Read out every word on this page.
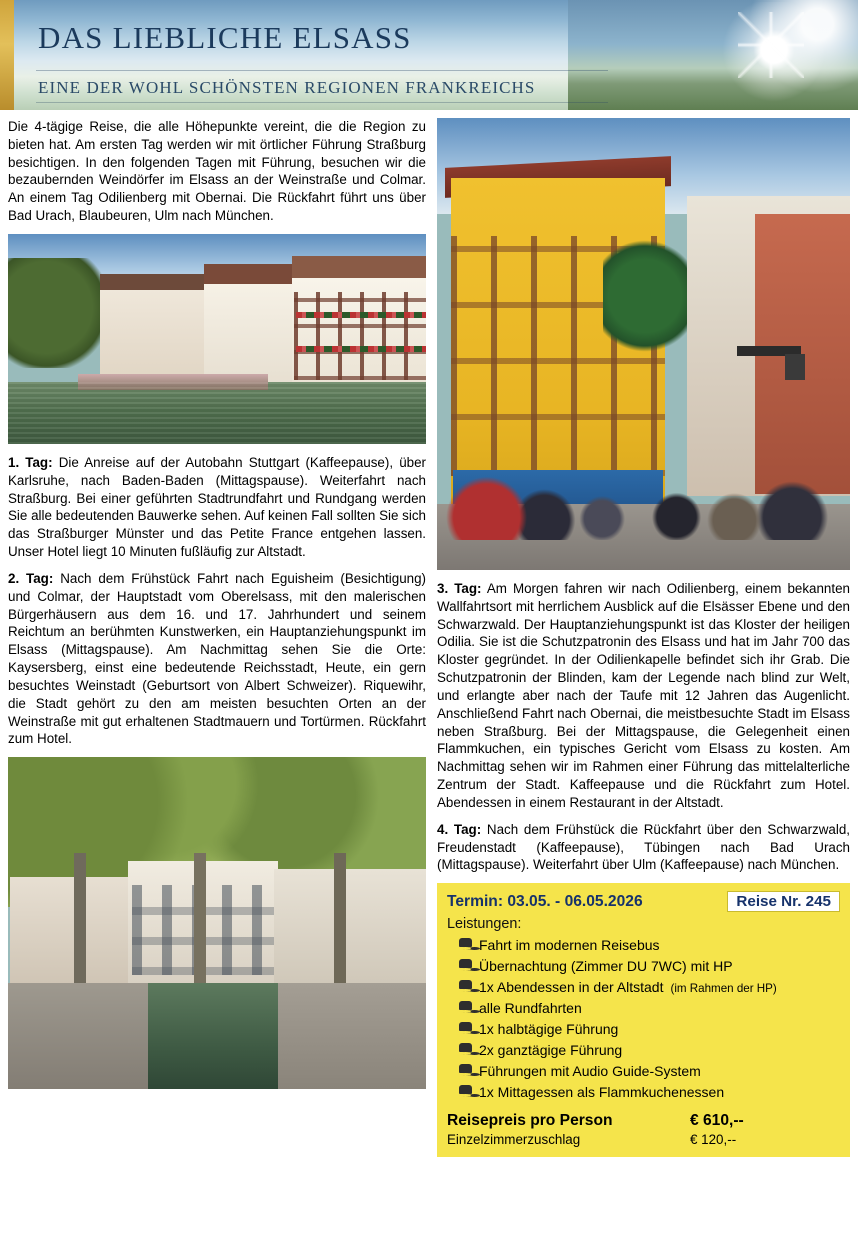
DAS LIEBLICHE ELSASS
EINE DER WOHL SCHÖNSTEN REGIONEN FRANKREICHS

Die 4-tägige Reise, die alle Höhepunkte vereint, die die Region zu bieten hat. Am ersten Tag werden wir mit örtlicher Führung Straßburg besichtigen. In den folgenden Tagen mit Führung, besuchen wir die bezaubernden Weindörfer im Elsass an der Weinstraße und Colmar. An einem Tag Odilienberg mit Obernai. Die Rückfahrt führt uns über Bad Urach, Blaubeuren, Ulm nach München.

1. Tag: Die Anreise auf der Autobahn Stuttgart (Kaffeepause), über Karlsruhe, nach Baden-Baden (Mittagspause). Weiterfahrt nach Straßburg. Bei einer geführten Stadtrundfahrt und Rundgang werden Sie alle bedeutenden Bauwerke sehen. Auf keinen Fall sollten Sie sich das Straßburger Münster und das Petite France entgehen lassen. Unser Hotel liegt 10 Minuten fußläufig zur Altstadt.

2. Tag: Nach dem Frühstück Fahrt nach Eguisheim (Besichtigung) und Colmar, der Hauptstadt vom Oberelsass, mit den malerischen Bürgerhäusern aus dem 16. und 17. Jahrhundert und seinem Reichtum an berühmten Kunstwerken, ein Hauptanziehungspunkt im Elsass (Mittagspause). Am Nachmittag sehen Sie die Orte: Kaysersberg, einst eine bedeutende Reichsstadt, Heute, ein gern besuchtes Weinstadt (Geburtsort von Albert Schweizer). Riquewihr, die Stadt gehört zu den am meisten besuchten Orten an der Weinstraße mit gut erhaltenen Stadtmauern und Tortürmen. Rückfahrt zum Hotel.

3. Tag: Am Morgen fahren wir nach Odilienberg, einem bekannten Wallfahrtsort mit herrlichem Ausblick auf die Elsässer Ebene und den Schwarzwald. Der Hauptanziehungspunkt ist das Kloster der heiligen Odilia. Sie ist die Schutzpatronin des Elsass und hat im Jahr 700 das Kloster gegründet. In der Odilienkapelle befindet sich ihr Grab. Die Schutzpatronin der Blinden, kam der Legende nach blind zur Welt, und erlangte aber nach der Taufe mit 12 Jahren das Augenlicht. Anschließend Fahrt nach Obernai, die meistbesuchte Stadt im Elsass neben Straßburg. Bei der Mittagspause, die Gelegenheit einen Flammkuchen, ein typisches Gericht vom Elsass zu kosten. Am Nachmittag sehen wir im Rahmen einer Führung das mittelalterliche Zentrum der Stadt. Kaffeepause und die Rückfahrt zum Hotel. Abendessen in einem Restaurant in der Altstadt.

4. Tag: Nach dem Frühstück die Rückfahrt über den Schwarzwald, Freudenstadt (Kaffeepause), Tübingen nach Bad Urach (Mittagspause). Weiterfahrt über Ulm (Kaffeepause) nach München.

Termin: 03.05. - 06.05.2026	Reise Nr. 245
Leistungen:
Fahrt im modernen Reisebus
Übernachtung (Zimmer DU 7WC) mit HP
1x Abendessen in der Altstadt (im Rahmen der HP)
alle Rundfahrten
1x halbtägige Führung
2x ganztägige Führung
Führungen mit Audio Guide-System
1x Mittagessen als Flammkuchenessen
Reisepreis pro Person	€ 610,--
Einzelzimmerzuschlag	€ 120,--
